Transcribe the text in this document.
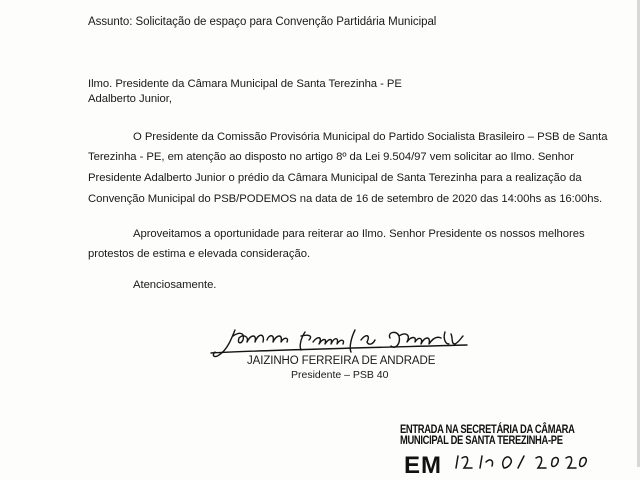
Assunto: Solicitação de espaço para Convenção Partidária Municipal
Ilmo. Presidente da Câmara Municipal de Santa Terezinha - PE
Adalberto Junior,
O Presidente da Comissão Provisória Municipal do Partido Socialista Brasileiro – PSB de Santa
Terezinha - PE, em atenção ao disposto no artigo 8º da Lei 9.504/97 vem solicitar ao Ilmo. Senhor
Presidente Adalberto Junior o prédio da Câmara Municipal de Santa Terezinha para a realização da
Convenção Municipal do PSB/PODEMOS na data de 16 de setembro de 2020 das 14:00hs as 16:00hs.
Aproveitamos a oportunidade para reiterar ao Ilmo. Senhor Presidente os nossos melhores
protestos de estima e elevada consideração.
Atenciosamente.
JAIZINHO FERREIRA DE ANDRADE
Presidente – PSB 40
ENTRADA NA SECRETÁRIA DA CÂMARA
MUNICIPAL DE SANTA TEREZINHA-PE
EM
